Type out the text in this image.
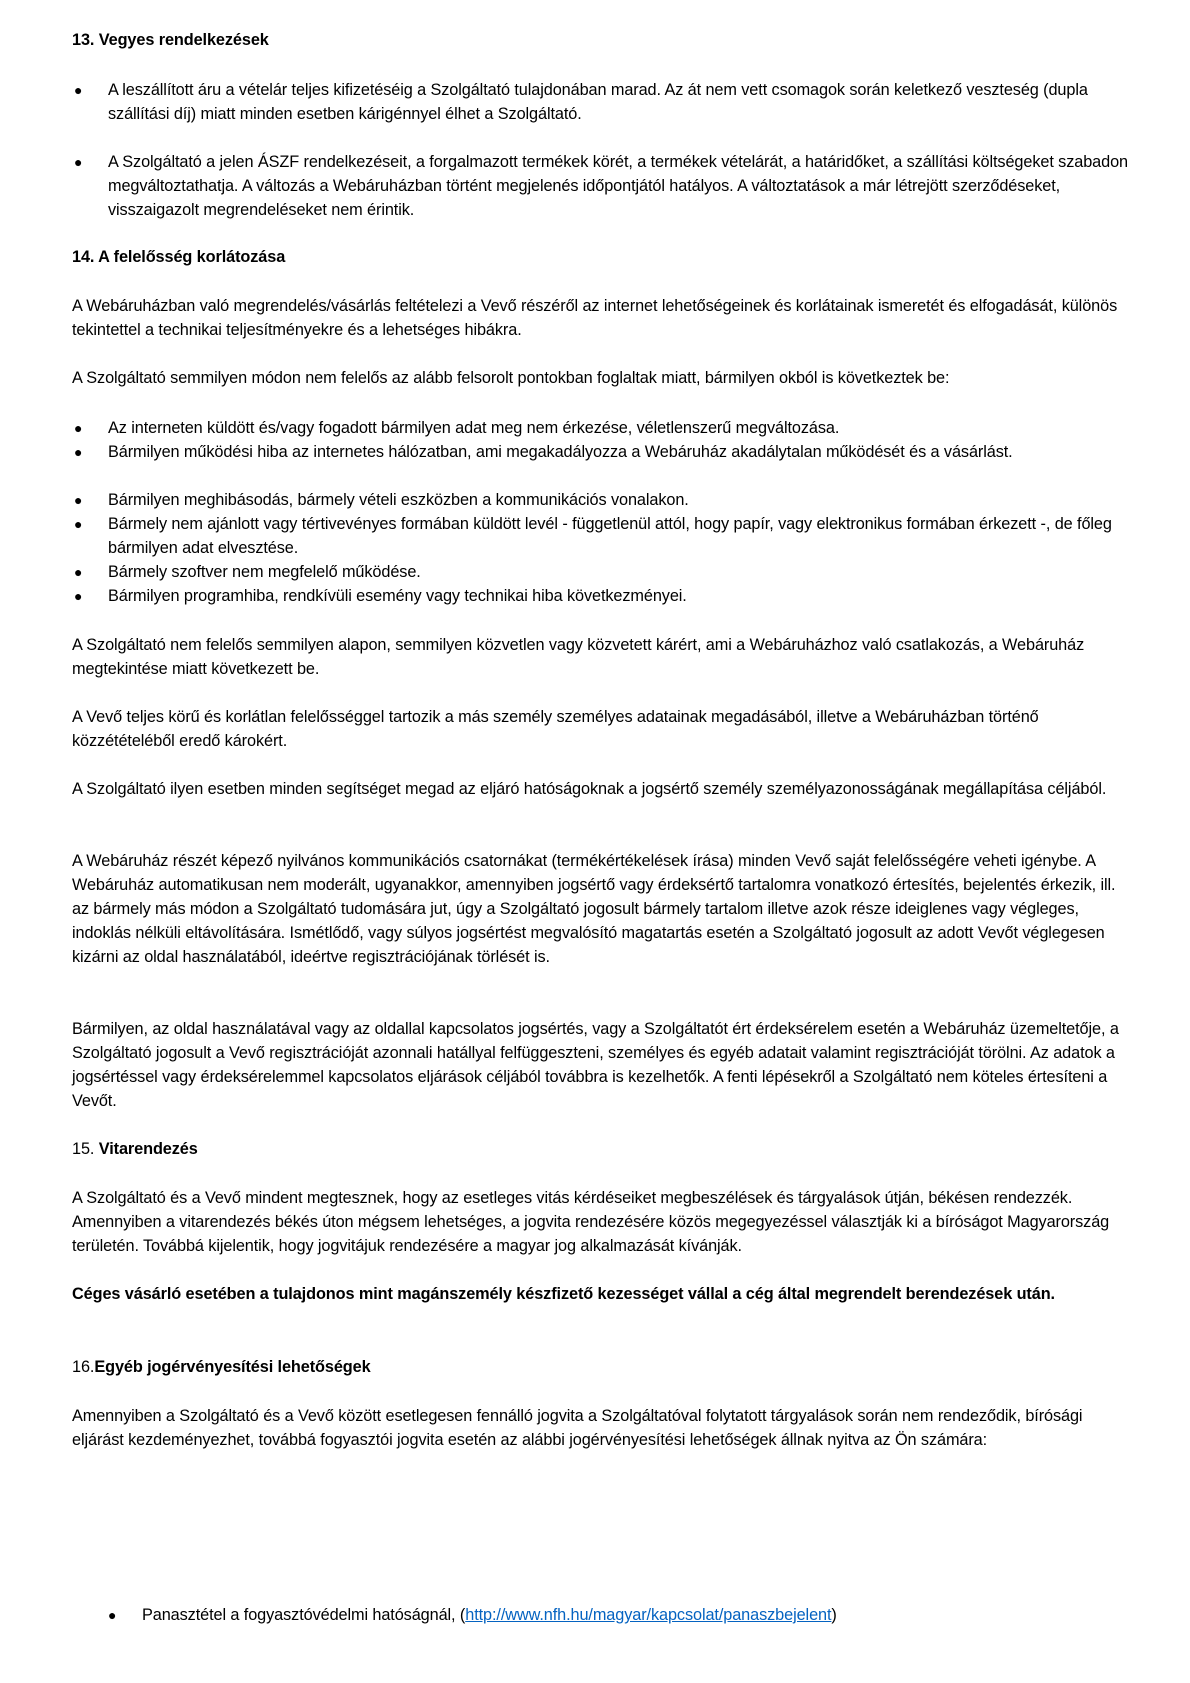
13. Vegyes rendelkezések
●	A leszállított áru a vételár teljes kifizetéséig a Szolgáltató tulajdonában marad. Az át nem vett csomagok során keletkező veszteség (dupla szállítási díj) miatt minden esetben kárigénnyel élhet a Szolgáltató.
●	A Szolgáltató a jelen ÁSZF rendelkezéseit, a forgalmazott termékek körét, a termékek vételárát, a határidőket, a szállítási költségeket szabadon megváltoztathatja. A változás a Webáruházban történt megjelenés időpontjától hatályos. A változtatások a már létrejött szerződéseket, visszaigazolt megrendeléseket nem érintik.
14. A felelősség korlátozása
A Webáruházban való megrendelés/vásárlás feltételezi a Vevő részéről az internet lehetőségeinek és korlátainak ismeretét és elfogadását, különös tekintettel a technikai teljesítményekre és a lehetséges hibákra.
A Szolgáltató semmilyen módon nem felelős az alább felsorolt pontokban foglaltak miatt, bármilyen okból is következtek be:
●	Az interneten küldött és/vagy fogadott bármilyen adat meg nem érkezése, véletlenszerű megváltozása.
●	Bármilyen működési hiba az internetes hálózatban, ami megakadályozza a Webáruház akadálytalan működését és a vásárlást.
●	Bármilyen meghibásodás, bármely vételi eszközben a kommunikációs vonalakon.
●	Bármely nem ajánlott vagy tértivevényes formában küldött levél - függetlenül attól, hogy papír, vagy elektronikus formában érkezett -, de főleg bármilyen adat elvesztése.
●	Bármely szoftver nem megfelelő működése.
●	Bármilyen programhiba, rendkívüli esemény vagy technikai hiba következményei.
A Szolgáltató nem felelős semmilyen alapon, semmilyen közvetlen vagy közvetett kárért, ami a Webáruházhoz való csatlakozás, a Webáruház megtekintése miatt következett be.
A Vevő teljes körű és korlátlan felelősséggel tartozik a más személy személyes adatainak megadásából, illetve a Webáruházban történő közzétételéből eredő károkért.
A Szolgáltató ilyen esetben minden segítséget megad az eljáró hatóságoknak a jogsértő személy személyazonosságának megállapítása céljából.
A Webáruház részét képező nyilvános kommunikációs csatornákat (termékértékelések írása) minden Vevő saját felelősségére veheti igénybe. A Webáruház automatikusan nem moderált, ugyanakkor, amennyiben jogsértő vagy érdeksértő tartalomra vonatkozó értesítés, bejelentés érkezik, ill. az bármely más módon a Szolgáltató tudomására jut, úgy a Szolgáltató jogosult bármely tartalom illetve azok része ideiglenes vagy végleges, indoklás nélküli eltávolítására. Ismétlődő, vagy súlyos jogsértést megvalósító magatartás esetén a Szolgáltató jogosult az adott Vevőt véglegesen kizárni az oldal használatából, ideértve regisztrációjának törlését is.
Bármilyen, az oldal használatával vagy az oldallal kapcsolatos jogsértés, vagy a Szolgáltatót ért érdeksérelem esetén a Webáruház üzemeltetője, a Szolgáltató jogosult a Vevő regisztrációját azonnali hatállyal felfüggeszteni, személyes és egyéb adatait valamint regisztrációját törölni. Az adatok a jogsértéssel vagy érdeksérelemmel kapcsolatos eljárások céljából továbbra is kezelhetők. A fenti lépésekről a Szolgáltató nem köteles értesíteni a Vevőt.
15. Vitarendezés
A Szolgáltató és a Vevő mindent megtesznek, hogy az esetleges vitás kérdéseiket megbeszélések és tárgyalások útján, békésen rendezzék. Amennyiben a vitarendezés békés úton mégsem lehetséges, a jogvita rendezésére közös megegyezéssel választják ki a bíróságot Magyarország területén. Továbbá kijelentik, hogy jogvitájuk rendezésére a magyar jog alkalmazását kívánják.
Céges vásárló esetében a tulajdonos mint magánszemély készfizető kezességet vállal a cég által megrendelt berendezések után.
16.Egyéb jogérvényesítési lehetőségek
Amennyiben a Szolgáltató és a Vevő között esetlegesen fennálló jogvita a Szolgáltatóval folytatott tárgyalások során nem rendeződik, bírósági eljárást kezdeményezhet, továbbá fogyasztói jogvita esetén az alábbi jogérvényesítési lehetőségek állnak nyitva az Ön számára:
●	Panasztétel a fogyasztóvédelmi hatóságnál, (http://www.nfh.hu/magyar/kapcsolat/panaszbejelent)
